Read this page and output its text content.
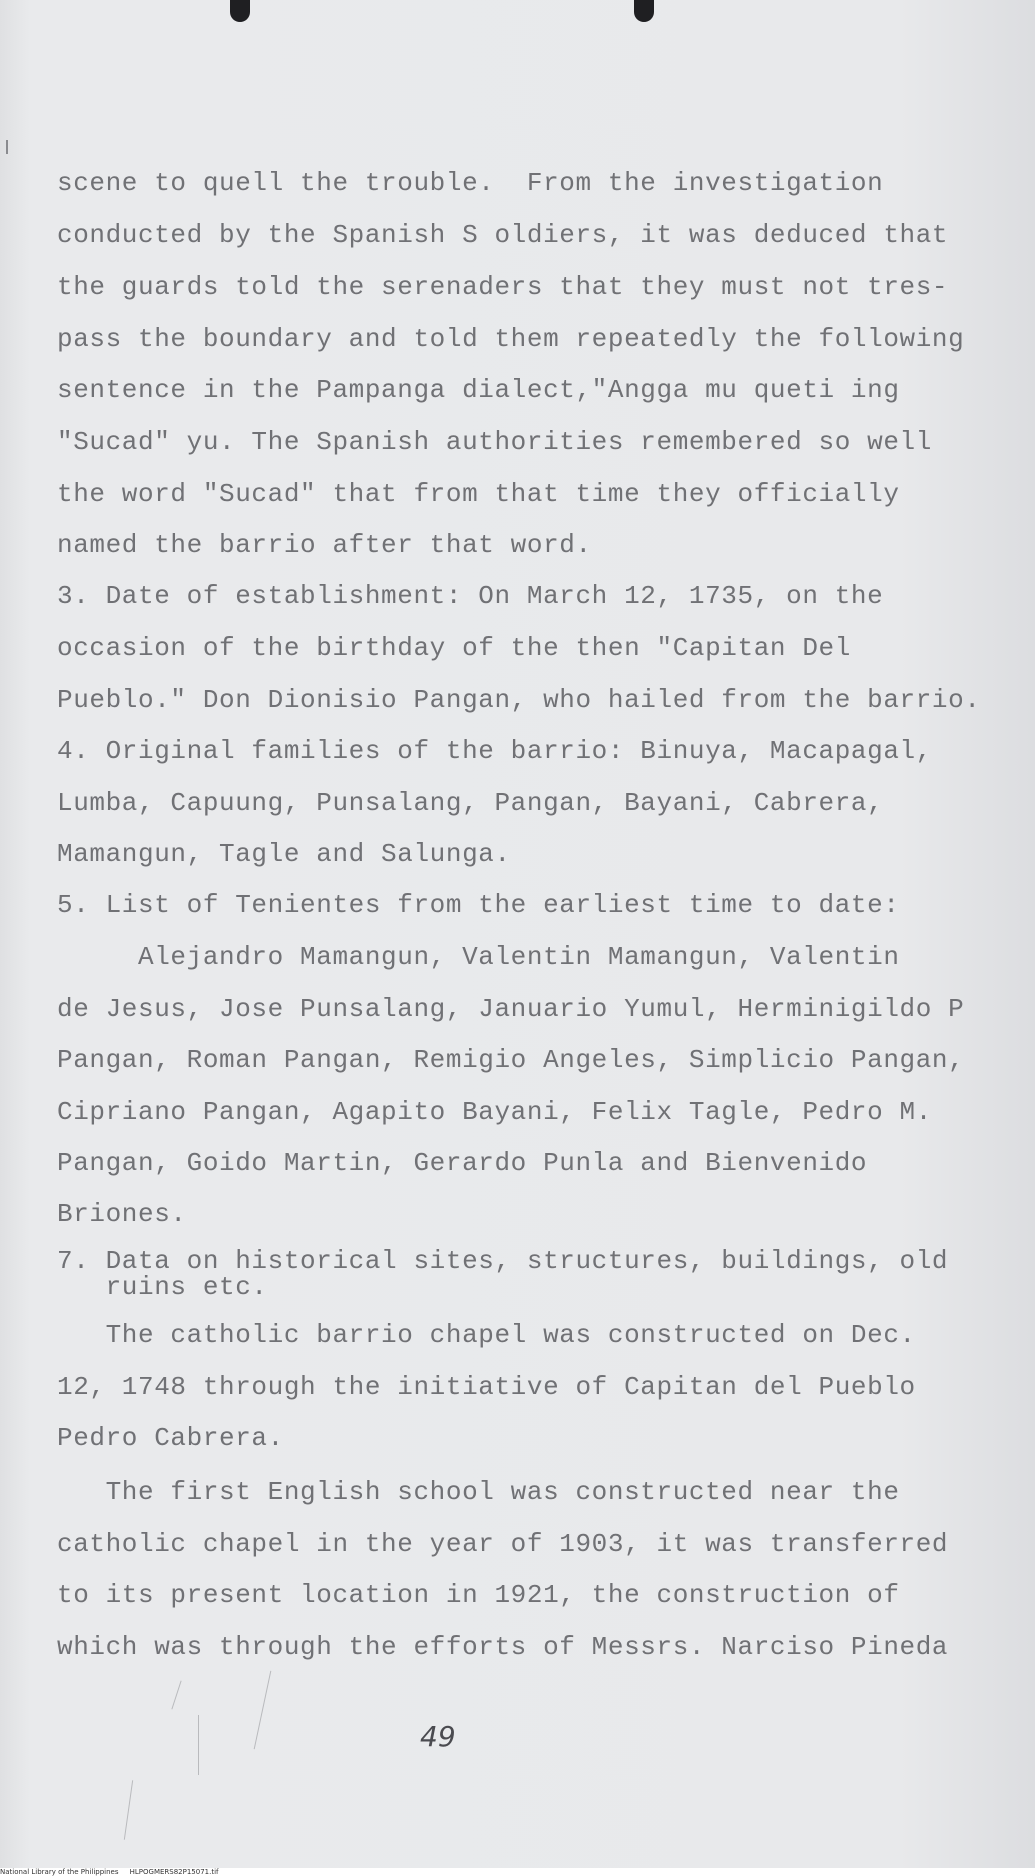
scene to quell the trouble.  From the investigation
conducted by the Spanish S oldiers, it was deduced that
the guards told the serenaders that they must not tres-
pass the boundary and told them repeatedly the following
sentence in the Pampanga dialect,"Angga mu queti ing
"Sucad" yu. The Spanish authorities remembered so well
the word "Sucad" that from that time they officially
named the barrio after that word.
3. Date of establishment: On March 12, 1735, on the
occasion of the birthday of the then "Capitan Del
Pueblo." Don Dionisio Pangan, who hailed from the barrio.
4. Original families of the barrio: Binuya, Macapagal,
Lumba, Capuung, Punsalang, Pangan, Bayani, Cabrera,
Mamangun, Tagle and Salunga.
5. List of Tenientes from the earliest time to date:
Alejandro Mamangun, Valentin Mamangun, Valentin
de Jesus, Jose Punsalang, Januario Yumul, Herminigildo P
Pangan, Roman Pangan, Remigio Angeles, Simplicio Pangan,
Cipriano Pangan, Agapito Bayani, Felix Tagle, Pedro M.
Pangan, Goido Martin, Gerardo Punla and Bienvenido
Briones.
7. Data on historical sites, structures, buildings, old
ruins etc.
The catholic barrio chapel was constructed on Dec.
12, 1748 through the initiative of Capitan del Pueblo
Pedro Cabrera.
The first English school was constructed near the
catholic chapel in the year of 1903, it was transferred
to its present location in 1921, the construction of
which was through the efforts of Messrs. Narciso Pineda
49
National Library of the Philippines HLPOGMERS82P15071.tif
